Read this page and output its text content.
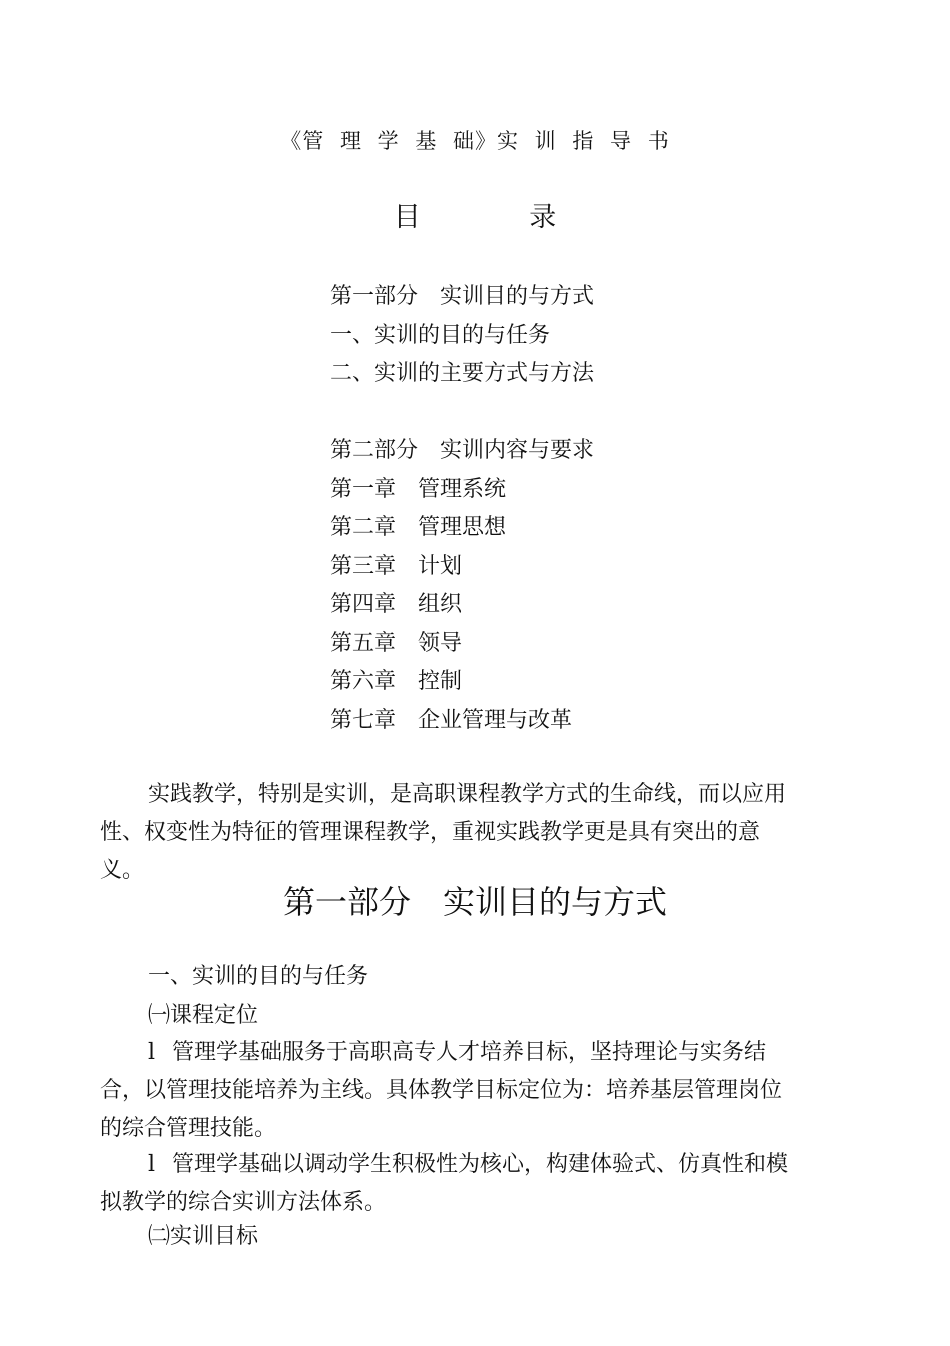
《管 理 学 基 础》实 训 指 导 书
目 录
第一部分　实训目的与方式
一、实训的目的与任务
二、实训的主要方式与方法
第二部分　实训内容与要求
第一章　管理系统
第二章　管理思想
第三章　计划
第四章　组织
第五章　领导
第六章　控制
第七章　企业管理与改革
实践教学，特别是实训，是高职课程教学方式的生命线，而以应用性、权变性为特征的管理课程教学，重视实践教学更是具有突出的意义。
第一部分　实训目的与方式
一、实训的目的与任务
㈠课程定位
l 管理学基础服务于高职高专人才培养目标，坚持理论与实务结合，以管理技能培养为主线。具体教学目标定位为：培养基层管理岗位的综合管理技能。
l 管理学基础以调动学生积极性为核心，构建体验式、仿真性和模拟教学的综合实训方法体系。
㈡实训目标
